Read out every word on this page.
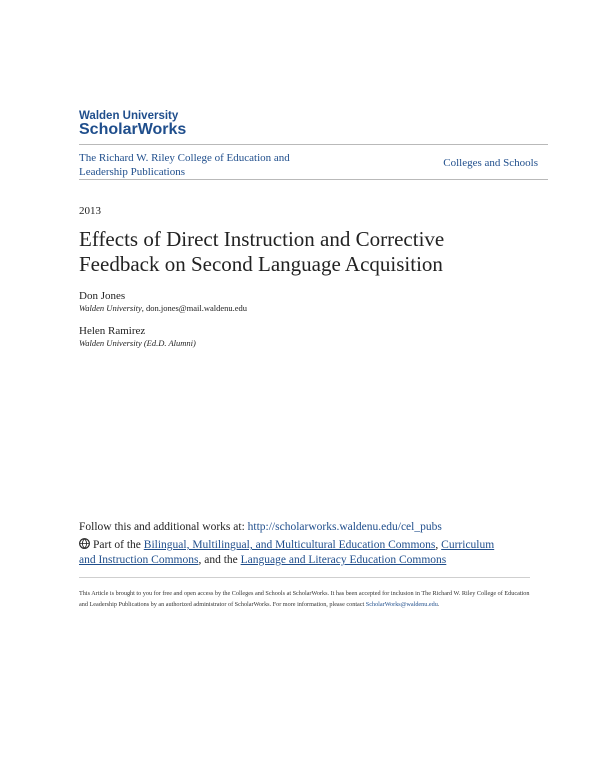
Walden University
ScholarWorks
The Richard W. Riley College of Education and Leadership Publications
Colleges and Schools
2013
Effects of Direct Instruction and Corrective Feedback on Second Language Acquisition
Don Jones
Walden University, don.jones@mail.waldenu.edu
Helen Ramirez
Walden University (Ed.D. Alumni)
Follow this and additional works at: http://scholarworks.waldenu.edu/cel_pubs
Part of the Bilingual, Multilingual, and Multicultural Education Commons, Curriculum and Instruction Commons, and the Language and Literacy Education Commons
This Article is brought to you for free and open access by the Colleges and Schools at ScholarWorks. It has been accepted for inclusion in The Richard W. Riley College of Education and Leadership Publications by an authorized administrator of ScholarWorks. For more information, please contact ScholarWorks@waldenu.edu.
